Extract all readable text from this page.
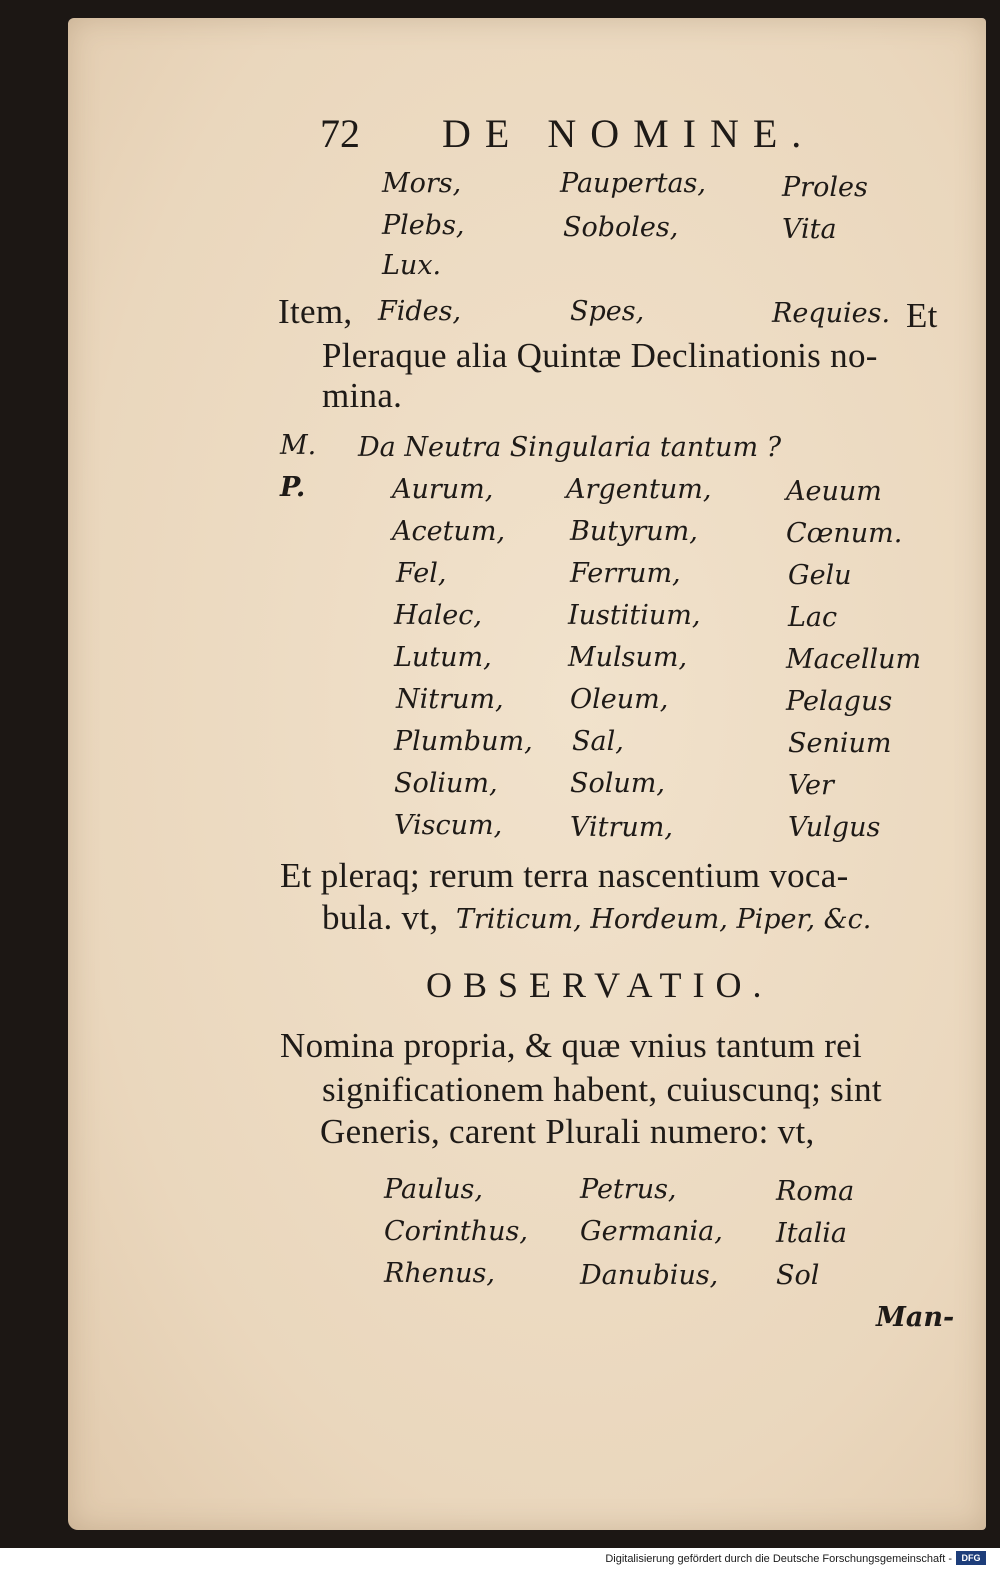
72 DE NOMINE.
Mors,	Paupertas,	Proles
Plebs,	Soboles,	Vita
Lux.
Item, Fides,	Spes,	Requies. Et
Pleraque alia Quintæ Declinationis no-
mina.
M. Da Neutra Singularia tantum ?
P.	Aurum,	Argentum,	Aeuum
Acetum, Butyrum,	Cœnum.
Fel,	Ferrum,	Gelu
Halec,	Iustitium,	Lac
Lutum,	Mulsum,	Macellum
Nitrum, Oleum,	Pelagus
Plumbum, Sal,	Senium
Solium,	Solum,	Ver
Viscum,	Vitrum,	Vulgus
Et pleraq; rerum terra nascentium voca-
bula. vt, Triticum, Hordeum, Piper, &c.
OBSERVATIO.
Nomina propria, & quæ vnius tantum rei
significationem habent, cuiuscunq; sint
Generis, carent Plurali numero: vt,
Paulus,	Petrus,	Roma
Corinthus, Germania, Italia
Rhenus,	Danubius, Sol
Man-
Digitalisierung gefördert durch die Deutsche Forschungsgemeinschaft -	DFG
